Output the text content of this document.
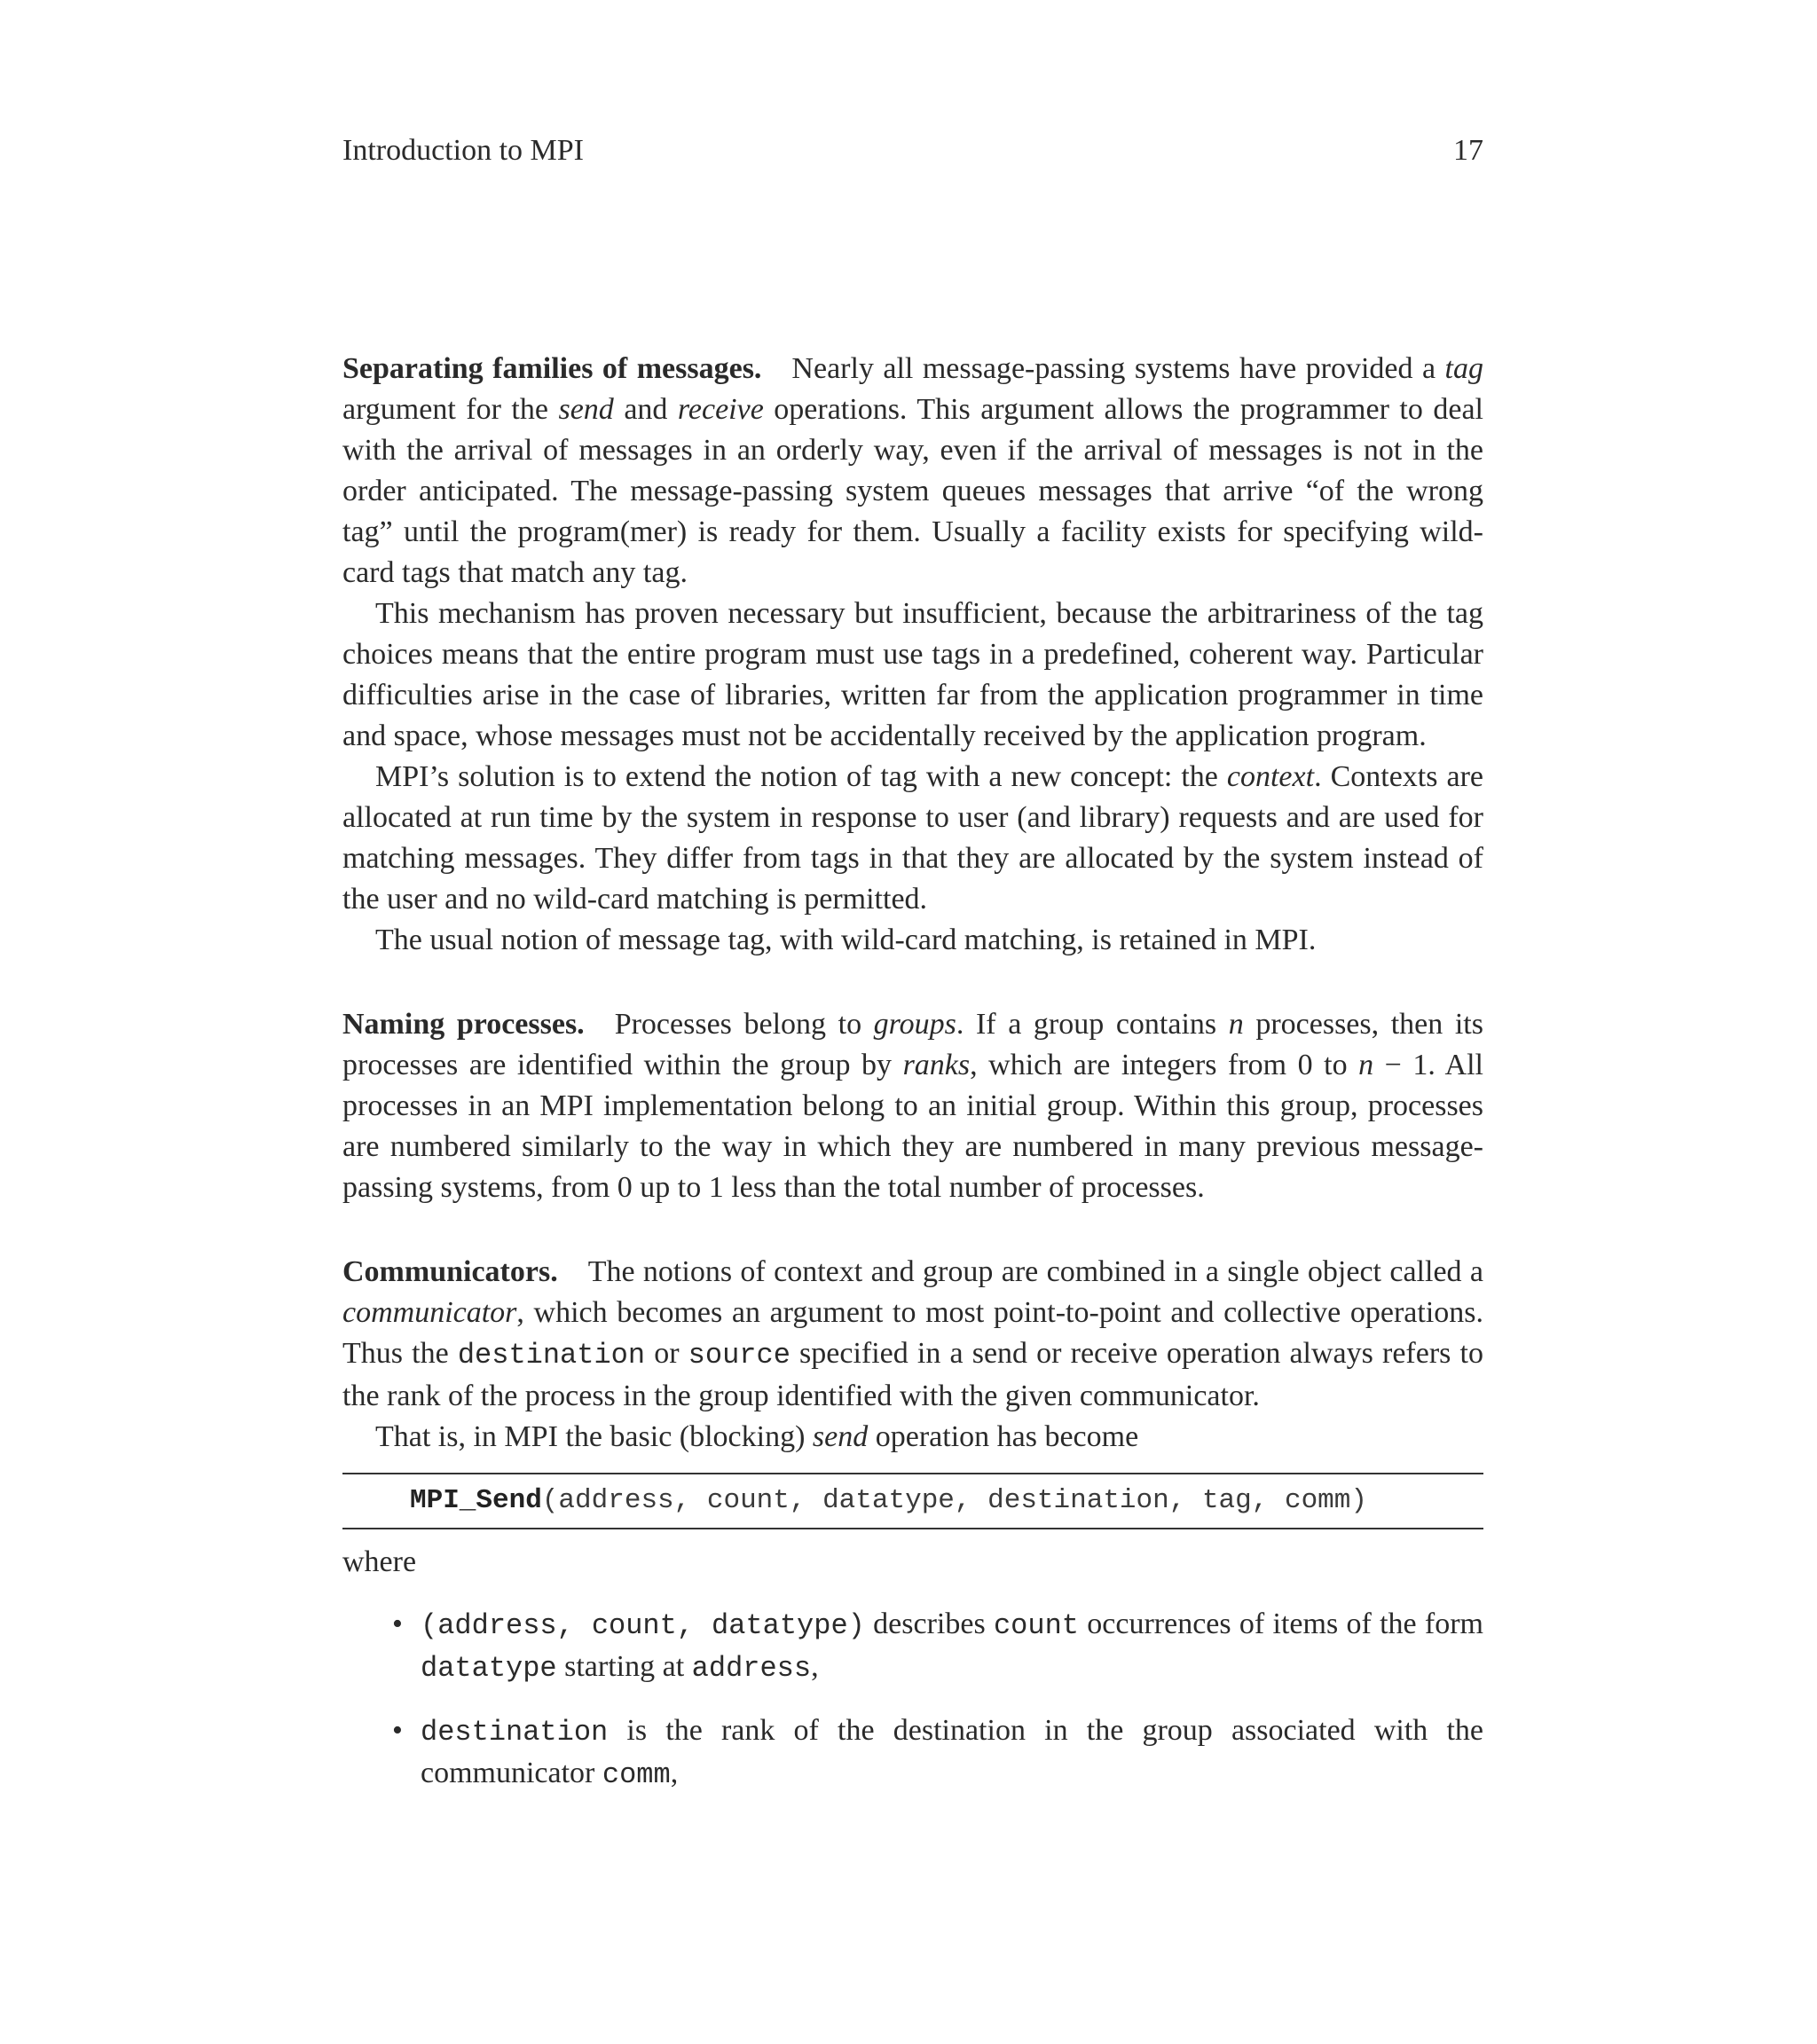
Introduction to MPI	17

Separating families of messages. Nearly all message-passing systems have provided a tag argument for the send and receive operations. This argument allows the programmer to deal with the arrival of messages in an orderly way, even if the arrival of messages is not in the order anticipated. The message-passing system queues messages that arrive “of the wrong tag” until the program(mer) is ready for them. Usually a facility exists for specifying wild-card tags that match any tag.

This mechanism has proven necessary but insufficient, because the arbitrariness of the tag choices means that the entire program must use tags in a predefined, coherent way. Particular difficulties arise in the case of libraries, written far from the application programmer in time and space, whose messages must not be accidentally received by the application program.

MPI’s solution is to extend the notion of tag with a new concept: the context. Contexts are allocated at run time by the system in response to user (and library) requests and are used for matching messages. They differ from tags in that they are allocated by the system instead of the user and no wild-card matching is permitted.

The usual notion of message tag, with wild-card matching, is retained in MPI.

Naming processes. Processes belong to groups. If a group contains n processes, then its processes are identified within the group by ranks, which are integers from 0 to n − 1. All processes in an MPI implementation belong to an initial group. Within this group, processes are numbered similarly to the way in which they are numbered in many previous message-passing systems, from 0 up to 1 less than the total number of processes.

Communicators. The notions of context and group are combined in a single object called a communicator, which becomes an argument to most point-to-point and collective operations. Thus the destination or source specified in a send or receive operation always refers to the rank of the process in the group identified with the given communicator.

That is, in MPI the basic (blocking) send operation has become

MPI_Send(address, count, datatype, destination, tag, comm)

where

• (address, count, datatype) describes count occurrences of items of the form datatype starting at address,
• destination is the rank of the destination in the group associated with the communicator comm,
